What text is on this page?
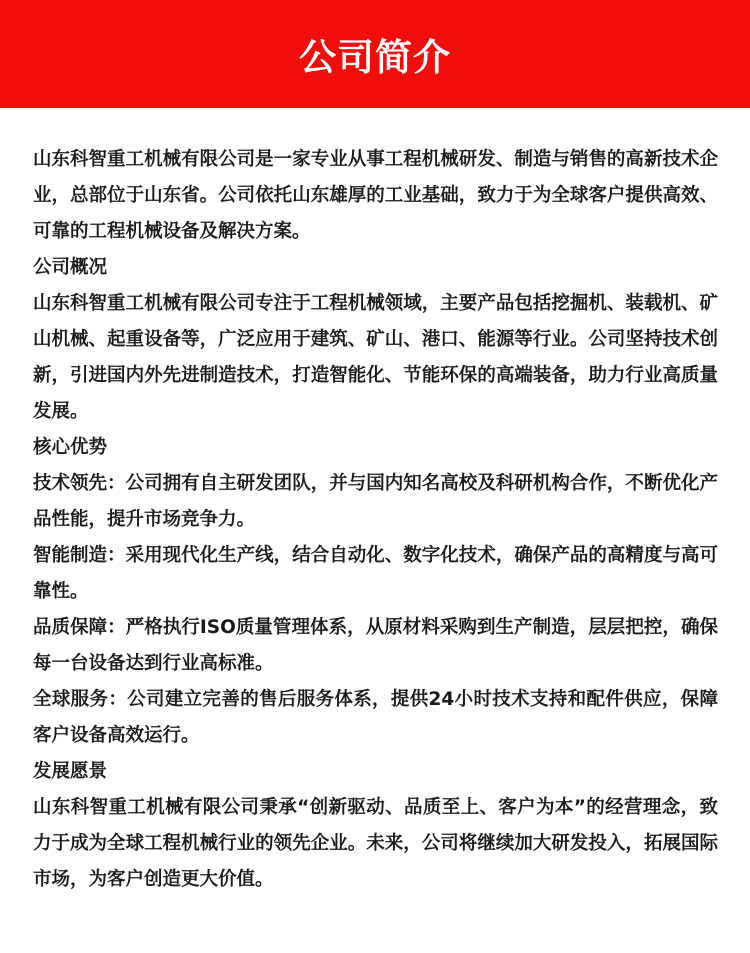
公司简介

山东科智重工机械有限公司是一家专业从事工程机械研发、制造与销售的高新技术企业，总部位于山东省。公司依托山东雄厚的工业基础，致力于为全球客户提供高效、可靠的工程机械设备及解决方案。

公司概况

山东科智重工机械有限公司专注于工程机械领域，主要产品包括挖掘机、装载机、矿山机械、起重设备等，广泛应用于建筑、矿山、港口、能源等行业。公司坚持技术创新，引进国内外先进制造技术，打造智能化、节能环保的高端装备，助力行业高质量发展。

核心优势

技术领先：公司拥有自主研发团队，并与国内知名高校及科研机构合作，不断优化产品性能，提升市场竞争力。

智能制造：采用现代化生产线，结合自动化、数字化技术，确保产品的高精度与高可靠性。

品质保障：严格执行ISO质量管理体系，从原材料采购到生产制造，层层把控，确保每一台设备达到行业高标准。

全球服务：公司建立完善的售后服务体系，提供24小时技术支持和配件供应，保障客户设备高效运行。

发展愿景

山东科智重工机械有限公司秉承“创新驱动、品质至上、客户为本”的经营理念，致力于成为全球工程机械行业的领先企业。未来，公司将继续加大研发投入，拓展国际市场，为客户创造更大价值。
